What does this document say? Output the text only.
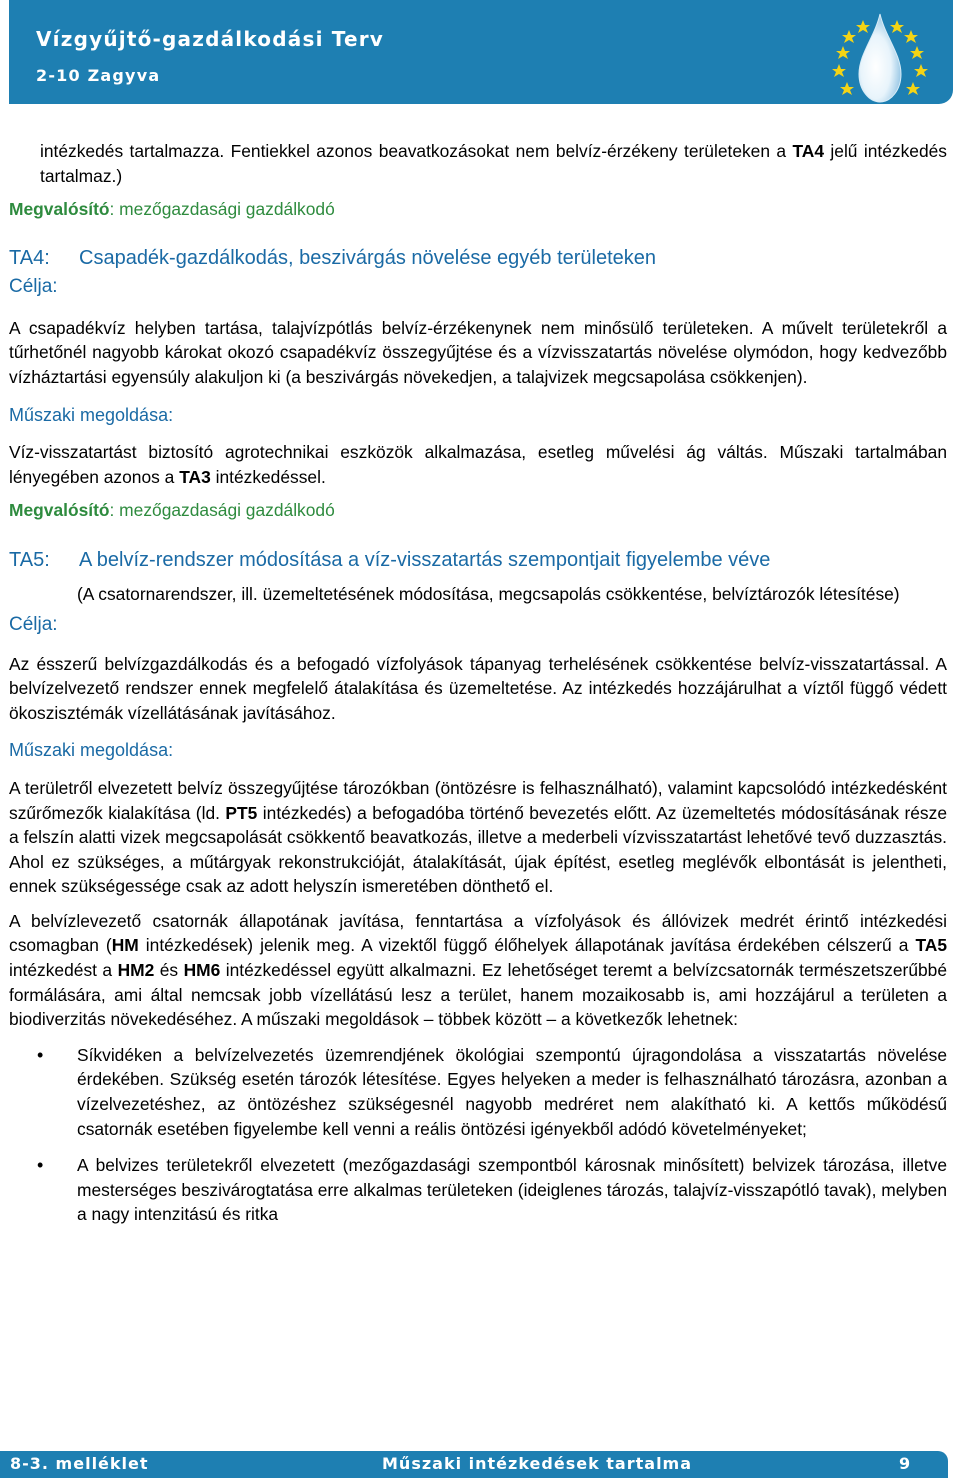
Vízgyűjtő-gazdálkodási Terv
2-10 Zagyva

intézkedés tartalmazza. Fentiekkel azonos beavatkozásokat nem belvíz-érzékeny területeken a TA4 jelű intézkedés tartalmaz.)

Megvalósító: mezőgazdasági gazdálkodó

TA4:	Csapadék-gazdálkodás, beszivárgás növelése egyéb területeken

Célja:

A csapadékvíz helyben tartása, talajvízpótlás belvíz-érzékenynek nem minősülő területeken. A művelt területekről a tűrhetőnél nagyobb károkat okozó csapadékvíz összegyűjtése és a vízvisszatartás növelése olymódon, hogy kedvezőbb vízháztartási egyensúly alakuljon ki (a beszivárgás növekedjen, a talajvizek megcsapolása csökkenjen).

Műszaki megoldása:

Víz-visszatartást biztosító agrotechnikai eszközök alkalmazása, esetleg művelési ág váltás. Műszaki tartalmában lényegében azonos a TA3 intézkedéssel.

Megvalósító: mezőgazdasági gazdálkodó

TA5:	A belvíz-rendszer módosítása a víz-visszatartás szempontjait figyelembe véve

(A csatornarendszer, ill. üzemeltetésének módosítása, megcsapolás csökkentése, belvíztározók létesítése)

Célja:

Az ésszerű belvízgazdálkodás és a befogadó vízfolyások tápanyag terhelésének csökkentése belvíz-visszatartással. A belvízelvezető rendszer ennek megfelelő átalakítása és üzemeltetése. Az intézkedés hozzájárulhat a víztől függő védett ökoszisztémák vízellátásának javításához.

Műszaki megoldása:

A területről elvezetett belvíz összegyűjtése tározókban (öntözésre is felhasználható), valamint kapcsolódó intézkedésként szűrőmezők kialakítása (ld. PT5 intézkedés) a befogadóba történő bevezetés előtt. Az üzemeltetés módosításának része a felszín alatti vizek megcsapolását csökkentő beavatkozás, illetve a mederbeli vízvisszatartást lehetővé tevő duzzasztás. Ahol ez szükséges, a műtárgyak rekonstrukcióját, átalakítását, újak építést, esetleg meglévők elbontását is jelentheti, ennek szükségessége csak az adott helyszín ismeretében dönthető el.

A belvízlevezető csatornák állapotának javítása, fenntartása a vízfolyások és állóvizek medrét érintő intézkedési csomagban (HM intézkedések) jelenik meg. A vizektől függő élőhelyek állapotának javítása érdekében célszerű a TA5 intézkedést a HM2 és HM6 intézkedéssel együtt alkalmazni. Ez lehetőséget teremt a belvízcsatornák természetszerűbbé formálására, ami által nemcsak jobb vízellátású lesz a terület, hanem mozaikosabb is, ami hozzájárul a területen a biodiverzitás növekedéséhez. A műszaki megoldások – többek között – a következők lehetnek:

• Síkvidéken a belvízelvezetés üzemrendjének ökológiai szempontú újragondolása a visszatartás növelése érdekében. Szükség esetén tározók létesítése. Egyes helyeken a meder is felhasználható tározásra, azonban a vízelvezetéshez, az öntözéshez szükségesnél nagyobb medréret nem alakítható ki. A kettős működésű csatornák esetében figyelembe kell venni a reális öntözési igényekből adódó követelményeket;
• A belvizes területekről elvezetett (mezőgazdasági szempontból károsnak minősített) belvizek tározása, illetve mesterséges beszivárogtatása erre alkalmas területeken (ideiglenes tározás, talajvíz-visszapótló tavak), melyben a nagy intenzitású és ritka
8-3. melléklet	Műszaki intézkedések tartalma	9
